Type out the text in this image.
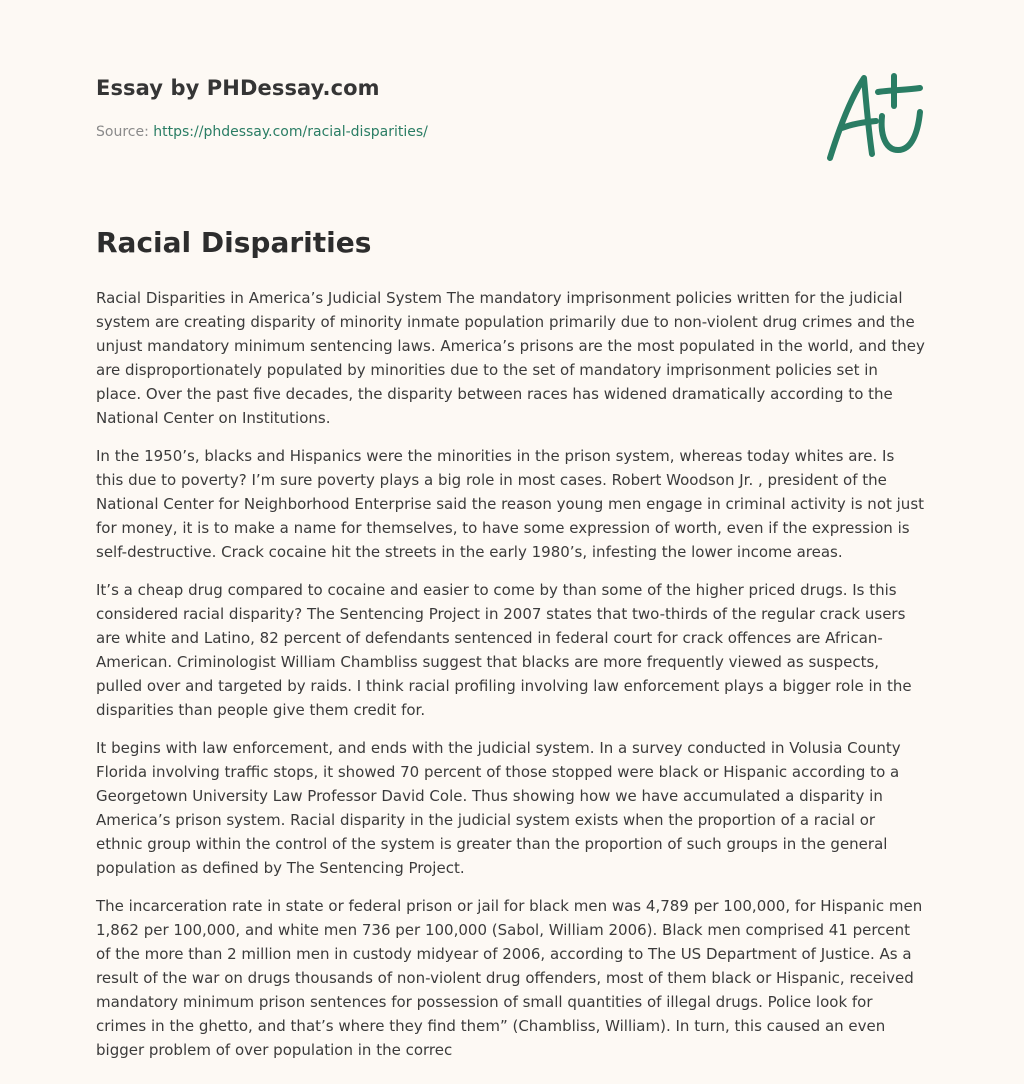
Essay by PHDessay.com
Source: https://phdessay.com/racial-disparities/
Racial Disparities

Racial Disparities in America’s Judicial System The mandatory imprisonment policies written for the judicial system are creating disparity of minority inmate population primarily due to non-violent drug crimes and the unjust mandatory minimum sentencing laws. America’s prisons are the most populated in the world, and they are disproportionately populated by minorities due to the set of mandatory imprisonment policies set in place. Over the past five decades, the disparity between races has widened dramatically according to the National Center on Institutions.

In the 1950’s, blacks and Hispanics were the minorities in the prison system, whereas today whites are. Is this due to poverty? I’m sure poverty plays a big role in most cases. Robert Woodson Jr. , president of the National Center for Neighborhood Enterprise said the reason young men engage in criminal activity is not just for money, it is to make a name for themselves, to have some expression of worth, even if the expression is self-destructive. Crack cocaine hit the streets in the early 1980’s, infesting the lower income areas.

It’s a cheap drug compared to cocaine and easier to come by than some of the higher priced drugs. Is this considered racial disparity? The Sentencing Project in 2007 states that two-thirds of the regular crack users are white and Latino, 82 percent of defendants sentenced in federal court for crack offences are African-American. Criminologist William Chambliss suggest that blacks are more frequently viewed as suspects, pulled over and targeted by raids. I think racial profiling involving law enforcement plays a bigger role in the disparities than people give them credit for.

It begins with law enforcement, and ends with the judicial system. In a survey conducted in Volusia County Florida involving traffic stops, it showed 70 percent of those stopped were black or Hispanic according to a Georgetown University Law Professor David Cole. Thus showing how we have accumulated a disparity in America’s prison system. Racial disparity in the judicial system exists when the proportion of a racial or ethnic group within the control of the system is greater than the proportion of such groups in the general population as defined by The Sentencing Project.

The incarceration rate in state or federal prison or jail for black men was 4,789 per 100,000, for Hispanic men 1,862 per 100,000, and white men 736 per 100,000 (Sabol, William 2006). Black men comprised 41 percent of the more than 2 million men in custody midyear of 2006, according to The US Department of Justice. As a result of the war on drugs thousands of non-violent drug offenders, most of them black or Hispanic, received mandatory minimum prison sentences for possession of small quantities of illegal drugs. Police look for crimes in the ghetto, and that’s where they find them” (Chambliss, William). In turn, this caused an even bigger problem of over population in the correc
